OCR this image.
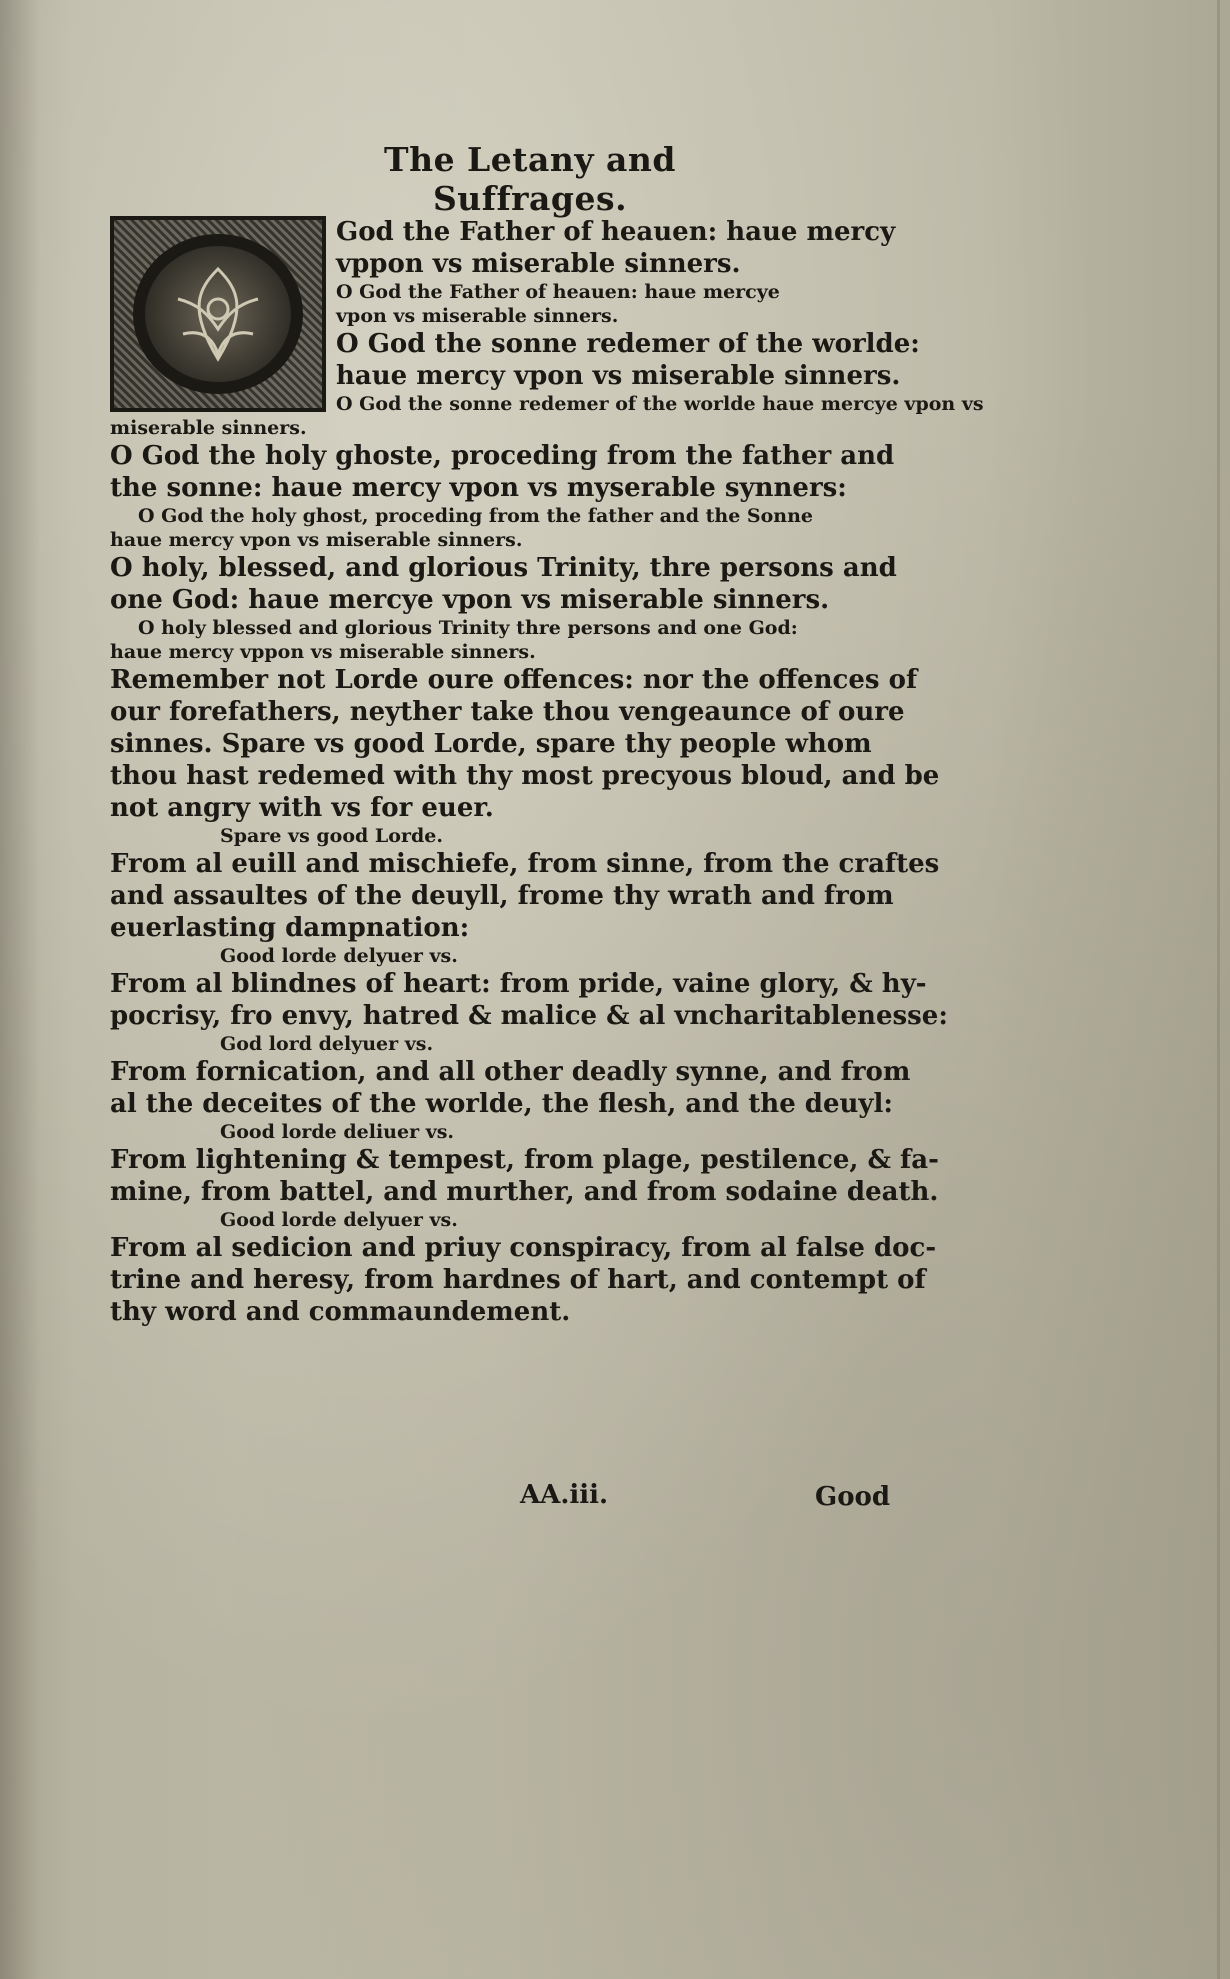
The Letany and Suffrages.
God the Father of heauen: haue mercy
vppon vs miserable sinners.
O God the Father of heauen: haue mercye
vpon vs miserable sinners.
O God the sonne redemer of the worlde:
haue mercy vpon vs miserable sinners.
O God the sonne redemer of the worlde haue mercye vpon vs
miserable sinners.
O God the holy ghoste, proceding from the father and
the sonne: haue mercy vpon vs myserable synners:
O God the holy ghost, proceding from the father and the Sonne
haue mercy vpon vs miserable sinners.
O holy, blessed, and glorious Trinity, thre persons and
one God: haue mercye vpon vs miserable sinners.
O holy blessed and glorious Trinity thre persons and one God:
haue mercy vppon vs miserable sinners.
Remember not Lorde oure offences: nor the offences of
our forefathers, neyther take thou vengeaunce of oure
sinnes. Spare vs good Lorde, spare thy people whom
thou hast redemed with thy most precyous bloud, and be
not angry with vs for euer.
Spare vs good Lorde.
From al euill and mischiefe, from sinne, from the craftes
and assaultes of the deuyll, frome thy wrath and from
euerlasting dampnation:
Good lorde delyuer vs.
From al blindnes of heart: from pride, vaine glory, & hy-
pocrisy, fro envy, hatred & malice & al vncharitablenesse:
God lord delyuer vs.
From fornication, and all other deadly synne, and from
al the deceites of the worlde, the flesh, and the deuyl:
Good lorde deliuer vs.
From lightening & tempest, from plage, pestilence, & fa-
mine, from battel, and murther, and from sodaine death.
Good lorde delyuer vs.
From al sedicion and priuy conspiracy, from al false doc-
trine and heresy, from hardnes of hart, and contempt of
thy word and commaundement.
AA.iii.	Good
